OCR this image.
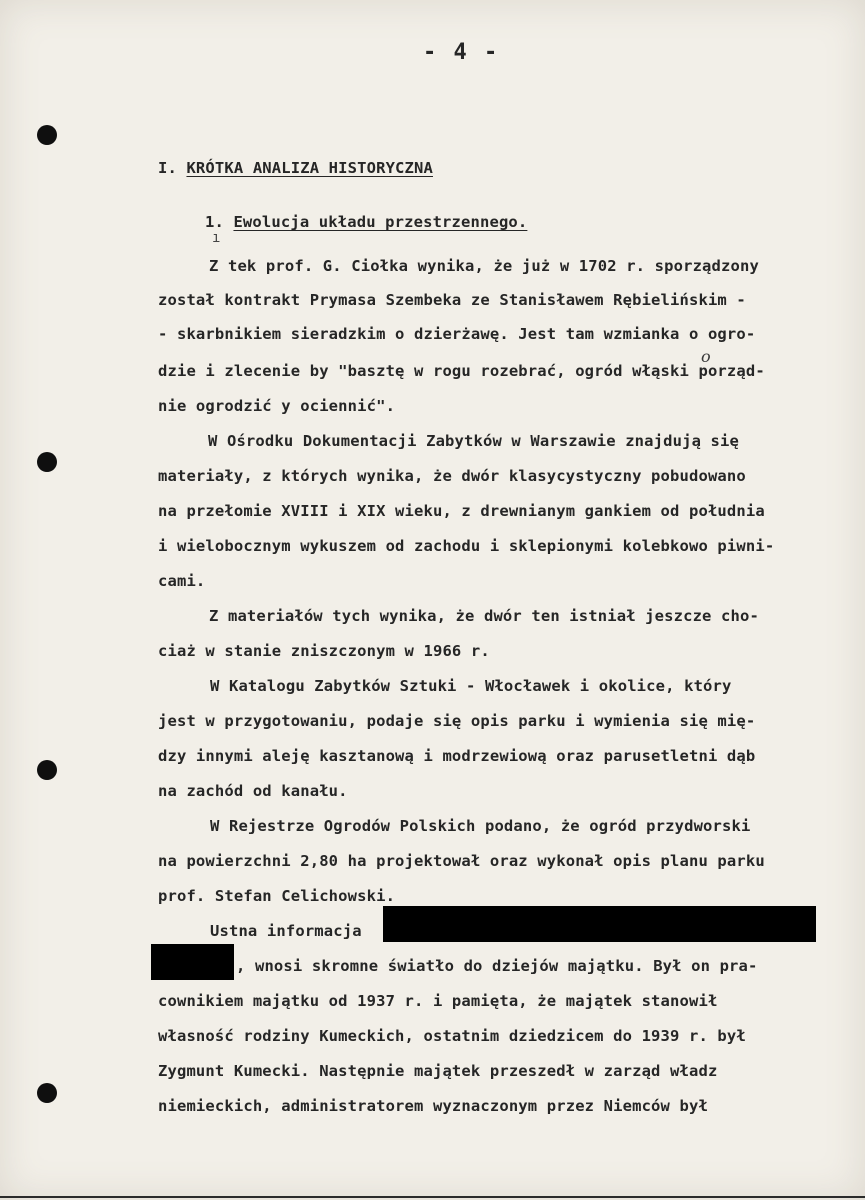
- 4 -
I. KRÓTKA ANALIZA HISTORYCZNA
1. Ewolucja układu przestrzennego.
ı
Z tek prof. G. Ciołka wynika, że już w 1702 r. sporządzony
został kontrakt Prymasa Szembeka ze Stanisławem Rębielińskim -
- skarbnikiem sieradzkim o dzierżawę. Jest tam wzmianka o ogro-
dzie i zlecenie by "basztę w rogu rozebrać, ogród włąski porząd-
o
nie ogrodzić y ociennić".
W Ośrodku Dokumentacji Zabytków w Warszawie znajdują się
materiały, z których wynika, że dwór klasycystyczny pobudowano
na przełomie XVIII i XIX wieku, z drewnianym gankiem od południa
i wielobocznym wykuszem od zachodu i sklepionymi kolebkowo piwni-
cami.
Z materiałów tych wynika, że dwór ten istniał jeszcze cho-
ciaż w stanie zniszczonym w 1966 r.
W Katalogu Zabytków Sztuki - Włocławek i okolice, który
jest w przygotowaniu, podaje się opis parku i wymienia się mię-
dzy innymi aleję kasztanową i modrzewiową oraz parusetletni dąb
na zachód od kanału.
W Rejestrze Ogrodów Polskich podano, że ogród przydworski
na powierzchni 2,80 ha projektował oraz wykonał opis planu parku
prof. Stefan Celichowski.
Ustna informacja
, wnosi skromne światło do dziejów majątku. Był on pra-
cownikiem majątku od 1937 r. i pamięta, że majątek stanowił
własność rodziny Kumeckich, ostatnim dziedzicem do 1939 r. był
Zygmunt Kumecki. Następnie majątek przeszedł w zarząd władz
niemieckich, administratorem wyznaczonym przez Niemców był
